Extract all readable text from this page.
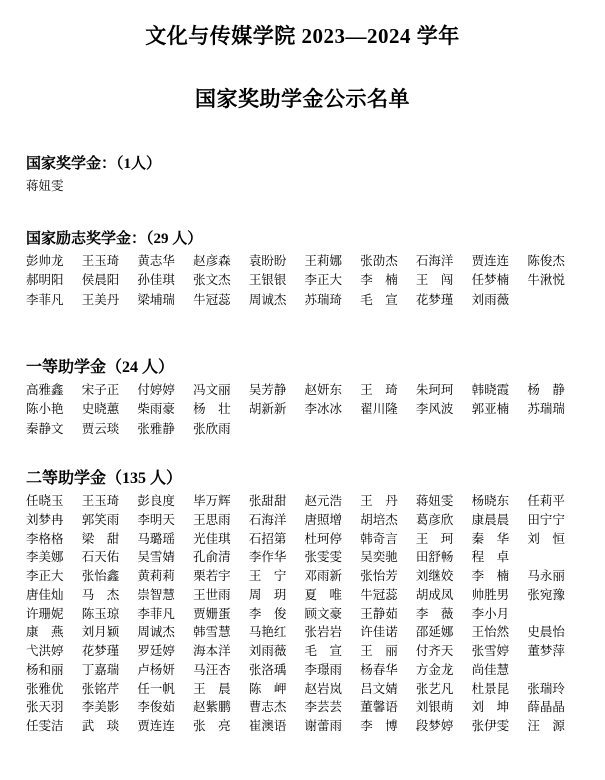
文化与传媒学院 2023—2024 学年
国家奖助学金公示名单
国家奖学金：（1人）
蒋妞雯
国家励志奖学金：（29 人）
彭帅龙	王玉琦	黄志华	赵彦森	袁盼盼	王莉娜	张劭杰	石海洋	贾连连	陈俊杰
郝明阳	侯晨阳	孙佳琪	张文杰	王银银	李正大	李　楠	王　闯	任梦楠	牛湫悦
李菲凡	王美丹	梁埔瑞	牛冠蕊	周诚杰	苏瑞琦	毛　宣	花梦瑾	刘雨薇
一等助学金（24 人）
高雅鑫	宋子正	付婷婷	冯文丽	吴芳静	赵妍东	王　琦	朱珂珂	韩晓霞	杨　静
陈小艳	史晓蕙	柴雨豪	杨　壮	胡新新	李冰冰	翟川隆	李风波	郭亚楠	苏瑞瑞
秦静文	贾云琰	张雅静	张欣雨
二等助学金（135 人）
任晓玉	王玉琦	彭良度	毕万辉	张甜甜	赵元浩	王　丹	蒋妞雯	杨晓东	任莉平
刘梦冉	郭笑雨	李明天	王思雨	石海洋	唐照增	胡培杰	葛彦欣	康晨晨	田宁宁
李格格	梁　甜	马璐瑶	光佳琪	石招第	杜珂停	韩奇言	王　珂	秦　华	刘　恒
李美娜	石天佑	吴雪婧	孔俞清	李作华	张雯雯	吴奕驰	田舒畅	程　卓
李正大	张怡鑫	黄莉莉	栗若宇	王　宁	邓雨新	张怡芳	刘继姣	李　楠	马永丽
唐佳灿	马　杰	崇智慧	王世雨	周　玥	夏　唯	牛冠蕊	胡成凤	帅胜男	张宛豫
许珊妮	陈玉琼	李菲凡	贾姗蛋	李　俊	顾文豪	王静茹	李　薇	李小月
康　燕	刘月颖	周诚杰	韩雪慧	马艳红	张岩岩	许佳诺	邵延娜	王怡然	史晨怡
弋洪婷	花梦瑾	罗廷婷	海本洋	刘雨薇	毛　宣	王　丽	付齐天	张雪婷	董梦萍
杨和丽	丁嘉瑞	卢杨妍	马汪杏	张洛瑀	李璟雨	杨春华	方金龙	尚佳慧
张雅优	张铭芹	任一帆	王　晨	陈　岬	赵岩岚	吕文婧	张艺凡	杜景昆	张瑞玲
张天羽	李美影	李俊茹	赵紫鹏	曹志杰	李芸芸	董馨语	刘银萌	刘　坤	薛晶晶
任雯洁	武　琰	贾连连	张　亮	崔澳语	谢蕾雨	李　博	段梦婷	张伊雯	汪　源
